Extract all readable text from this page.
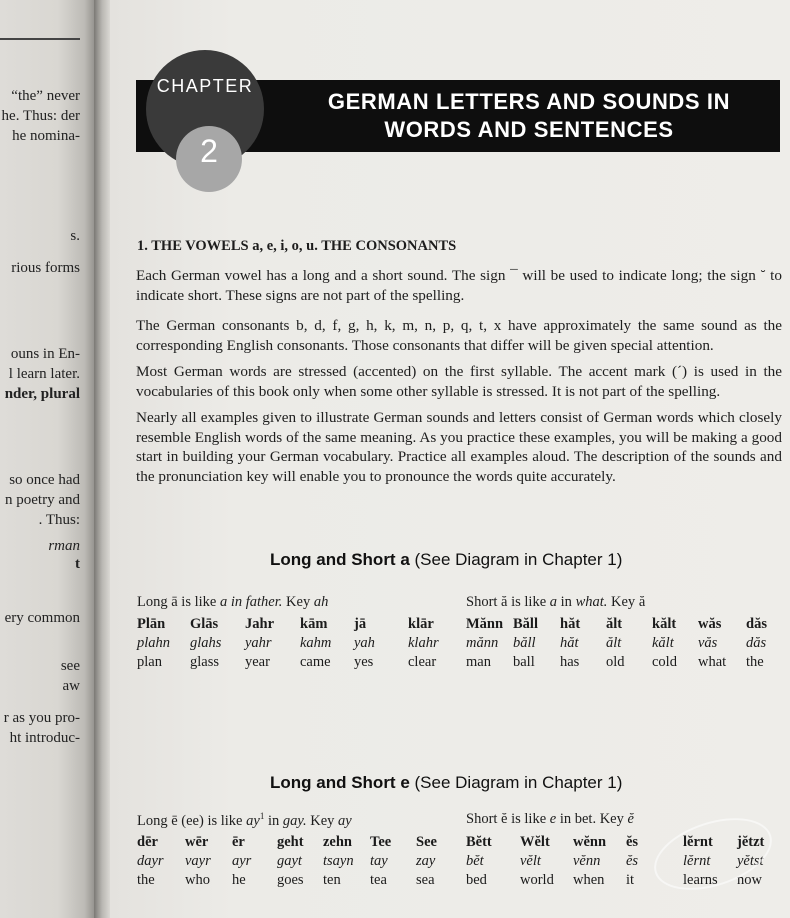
“the” never
he. Thus: der
he nomina-
s.
rious forms
ouns in En-
l learn later.
nder, plural
so once had
n poetry and
. Thus:
rman
t
ery common
see
aw
r as you pro-
ht introduc-
CHAPTER
2
GERMAN LETTERS AND SOUNDS IN
WORDS AND SENTENCES
1. THE VOWELS a, e, i, o, u. THE CONSONANTS

Each German vowel has a long and a short sound. The sign ¯ will be used to indicate long; the sign ˘ to indicate short. These signs are not part of the spelling.

The German consonants b, d, f, g, h, k, m, n, p, q, t, x have approximately the same sound as the corresponding English consonants. Those consonants that differ will be given special attention.

Most German words are stressed (accented) on the first syllable. The accent mark (´) is used in the vocabularies of this book only when some other syllable is stressed. It is not part of the spelling.

Nearly all examples given to illustrate German sounds and letters consist of German words which closely resemble English words of the same meaning. As you practice these examples, you will be making a good start in building your German vocabulary. Practice all examples aloud. The description of the sounds and the pronunciation key will enable you to pronounce the words quite accurately.

Long and Short a (See Diagram in Chapter 1)
Long ā is like a in father. Key ah	Short ă is like a in what. Key ă
Plān
plahn
plan
Glās
glahs
glass
Jahr
yahr
year
kām
kahm
came
jā
yah
yes
klār
klahr
clear
Mănn
mănn
man
Băll
băll
ball
hăt
hăt
has
ălt
ălt
old
kălt
kălt
cold
wăs
văs
what
dăs
dăs
the
Long and Short e (See Diagram in Chapter 1)
Long ē (ee) is like $ay^1$ in gay. Key ay	Short ĕ is like e in bet. Key ĕ
dēr
dayr
the
wēr
vayr
who
ēr
ayr
he
geht
gayt
goes
zehn
tsayn
ten
Tee
tay
tea
See
zay
sea
Bĕtt
bĕt
bed
Wĕlt
vĕlt
world
wĕnn
vĕnn
when
ĕs
ĕs
it
lĕrnt
lĕrnt
learns
jĕtzt
yĕtst
now
